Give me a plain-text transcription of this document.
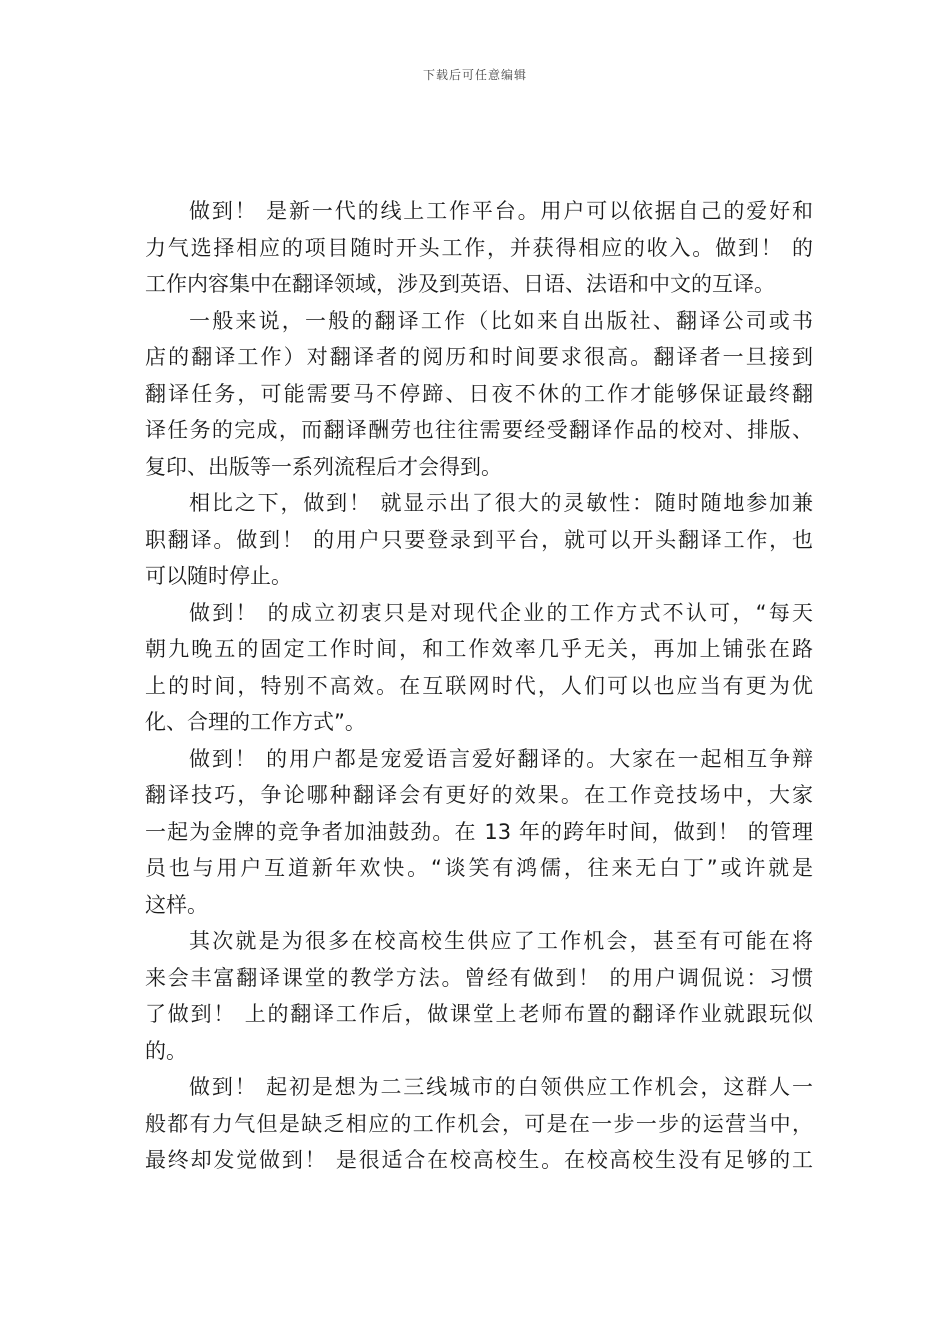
下载后可任意编辑
做到！ 是新一代的线上工作平台。用户可以依据自己的爱好和
力气选择相应的项目随时开头工作，并获得相应的收入。做到！ 的
工作内容集中在翻译领域，涉及到英语、日语、法语和中文的互译。
一般来说，一般的翻译工作（比如来自出版社、翻译公司或书
店的翻译工作）对翻译者的阅历和时间要求很高。翻译者一旦接到
翻译任务，可能需要马不停蹄、日夜不休的工作才能够保证最终翻
译任务的完成，而翻译酬劳也往往需要经受翻译作品的校对、排版、
复印、出版等一系列流程后才会得到。
相比之下，做到！ 就显示出了很大的灵敏性：随时随地参加兼
职翻译。做到！ 的用户只要登录到平台，就可以开头翻译工作，也
可以随时停止。
做到！ 的成立初衷只是对现代企业的工作方式不认可，“每天
朝九晚五的固定工作时间，和工作效率几乎无关，再加上铺张在路
上的时间，特别不高效。在互联网时代，人们可以也应当有更为优
化、合理的工作方式”。
做到！ 的用户都是宠爱语言爱好翻译的。大家在一起相互争辩
翻译技巧，争论哪种翻译会有更好的效果。在工作竞技场中，大家
一起为金牌的竞争者加油鼓劲。在 13 年的跨年时间，做到！ 的管理
员也与用户互道新年欢快。“谈笑有鸿儒，往来无白丁”或许就是
这样。
其次就是为很多在校高校生供应了工作机会，甚至有可能在将
来会丰富翻译课堂的教学方法。曾经有做到！ 的用户调侃说：习惯
了做到！ 上的翻译工作后，做课堂上老师布置的翻译作业就跟玩似
的。
做到！ 起初是想为二三线城市的白领供应工作机会，这群人一
般都有力气但是缺乏相应的工作机会，可是在一步一步的运营当中，
最终却发觉做到！ 是很适合在校高校生。在校高校生没有足够的工
